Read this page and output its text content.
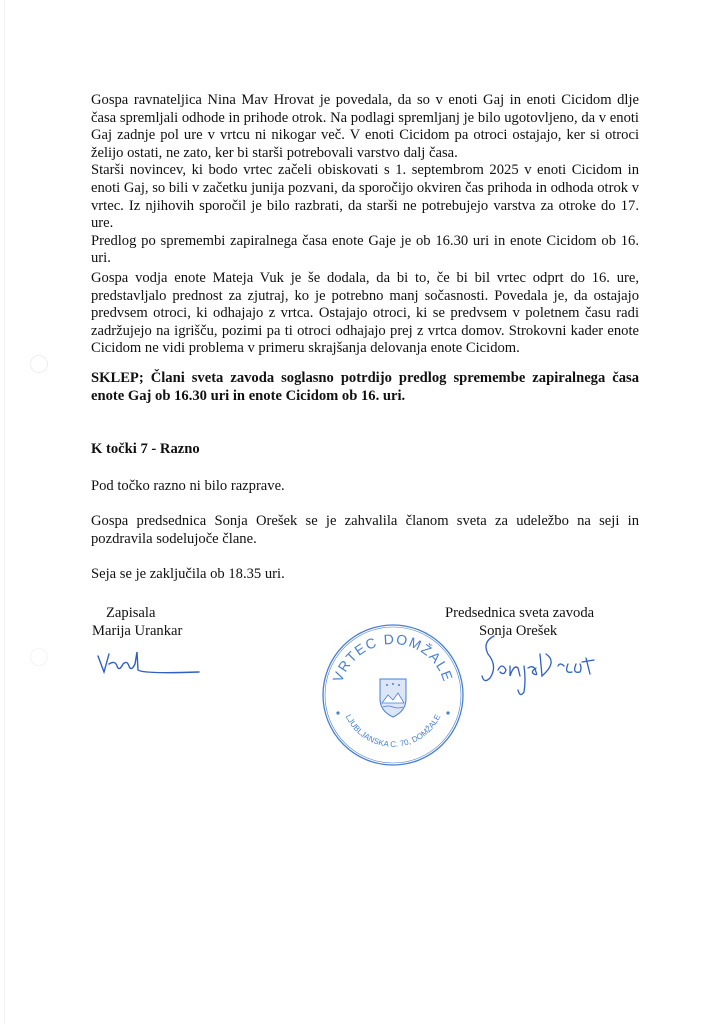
Gospa ravnateljica Nina Mav Hrovat je povedala, da so v enoti Gaj in enoti Cicidom dlje časa spremljali odhode in prihode otrok. Na podlagi spremljanj je bilo ugotovljeno, da v enoti Gaj zadnje pol ure v vrtcu ni nikogar več. V enoti Cicidom pa otroci ostajajo, ker si otroci želijo ostati, ne zato, ker bi starši potrebovali varstvo dalj časa.

Starši novincev, ki bodo vrtec začeli obiskovati s 1. septembrom 2025 v enoti Cicidom in enoti Gaj, so bili v začetku junija pozvani, da sporočijo okviren čas prihoda in odhoda otrok v vrtec. Iz njihovih sporočil je bilo razbrati, da starši ne potrebujejo varstva za otroke do 17. ure.

Predlog po spremembi zapiralnega časa enote Gaje je ob 16.30 uri in enote Cicidom ob 16. uri.

Gospa vodja enote Mateja Vuk je še dodala, da bi to, če bi bil vrtec odprt do 16. ure, predstavljalo prednost za zjutraj, ko je potrebno manj sočasnosti. Povedala je, da ostajajo predvsem otroci, ki odhajajo z vrtca. Ostajajo otroci, ki se predvsem v poletnem času radi zadržujejo na igrišču, pozimi pa ti otroci odhajajo prej z vrtca domov. Strokovni kader enote Cicidom ne vidi problema v primeru skrajšanja delovanja enote Cicidom.

SKLEP; Člani sveta zavoda soglasno potrdijo predlog spremembe zapiralnega časa enote Gaj ob 16.30 uri in enote Cicidom ob 16. uri.

K točki 7 - Razno

Pod točko razno ni bilo razprave.

Gospa predsednica Sonja Orešek se je zahvalila članom sveta za udeležbo na seji in pozdravila sodelujoče člane.

Seja se je zaključila ob 18.35 uri.

Zapisala
Marija Urankar
Predsednica sveta zavoda
Sonja Orešek
VRTEC DOMŽALE
LJUBLJANSKA C. 70, DOMŽALE
